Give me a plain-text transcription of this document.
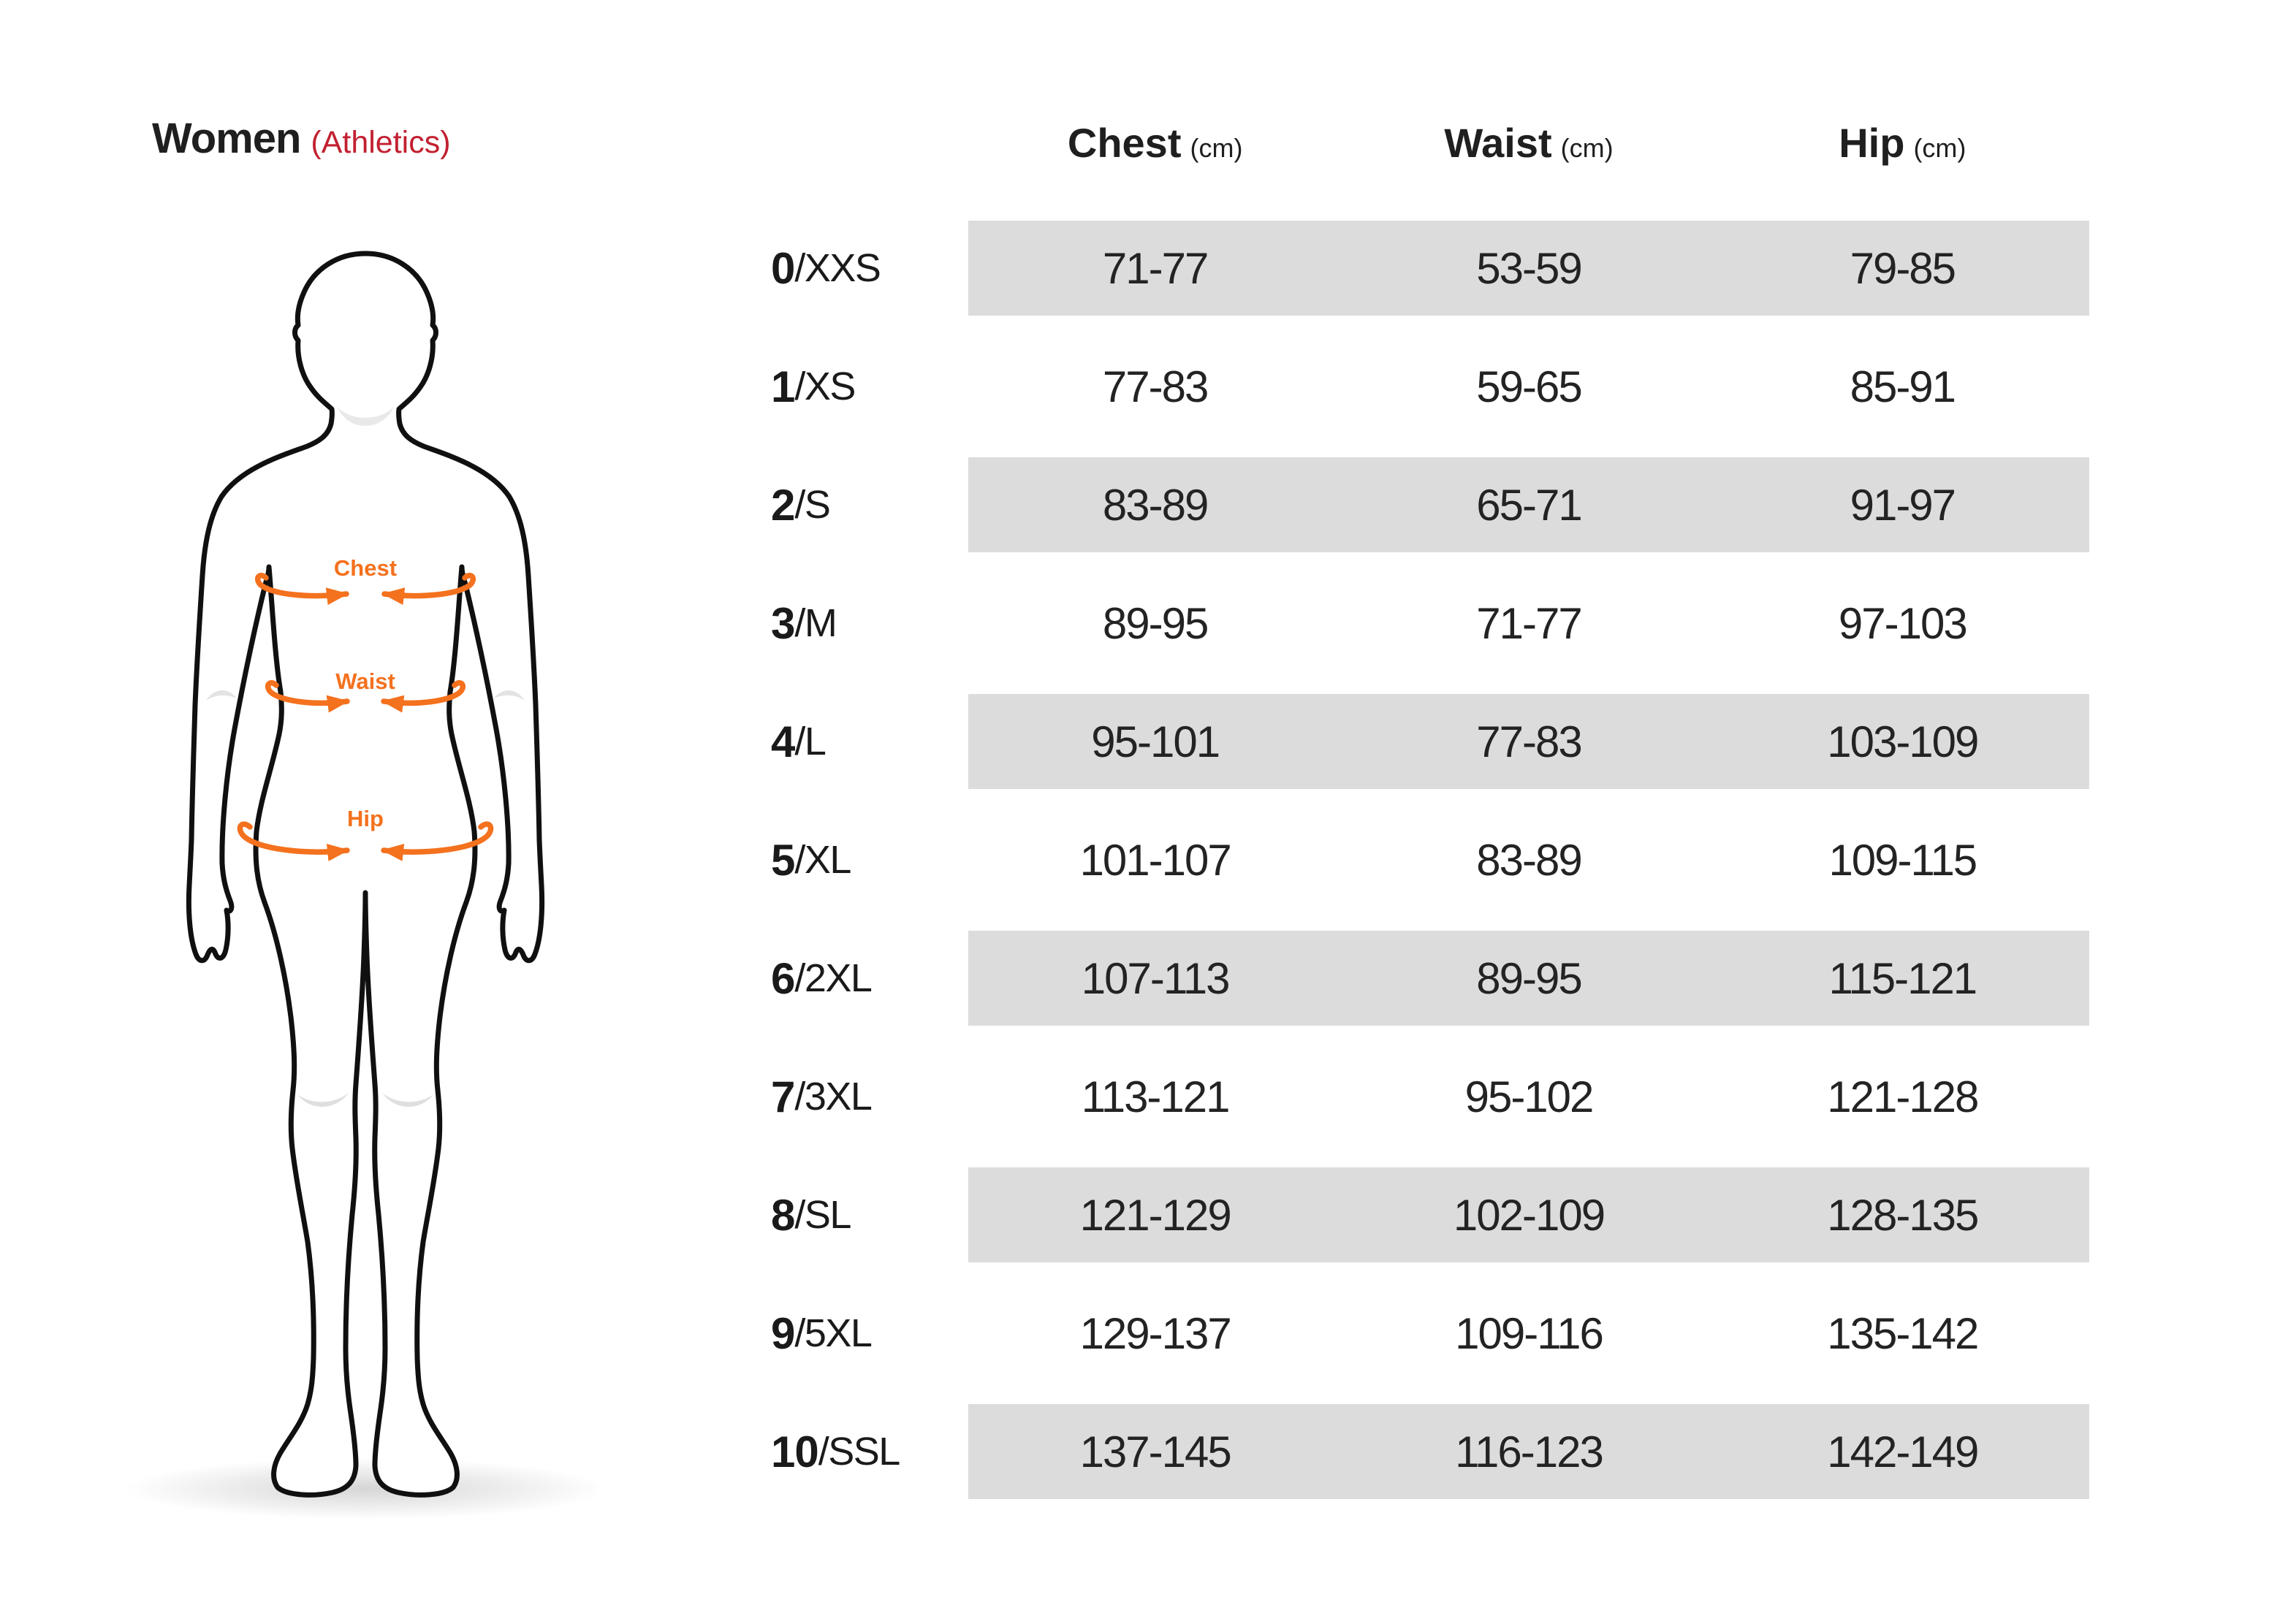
Women (Athletics)
Chest
Waist
Hip
Chest (cm)	Waist (cm)	Hip (cm)
0 /XXS	71-77	53-59	79-85
1 /XS	77-83	59-65	85-91
2 /S	83-89	65-71	91-97
3 /M	89-95	71-77	97-103
4 /L	95-101	77-83	103-109
5 /XL	101-107	83-89	109-115
6 /2XL	107-113	89-95	115-121
7 /3XL	113-121	95-102	121-128
8 /SL	121-129	102-109	128-135
9 /5XL	129-137	109-116	135-142
10 /SSL	137-145	116-123	142-149
